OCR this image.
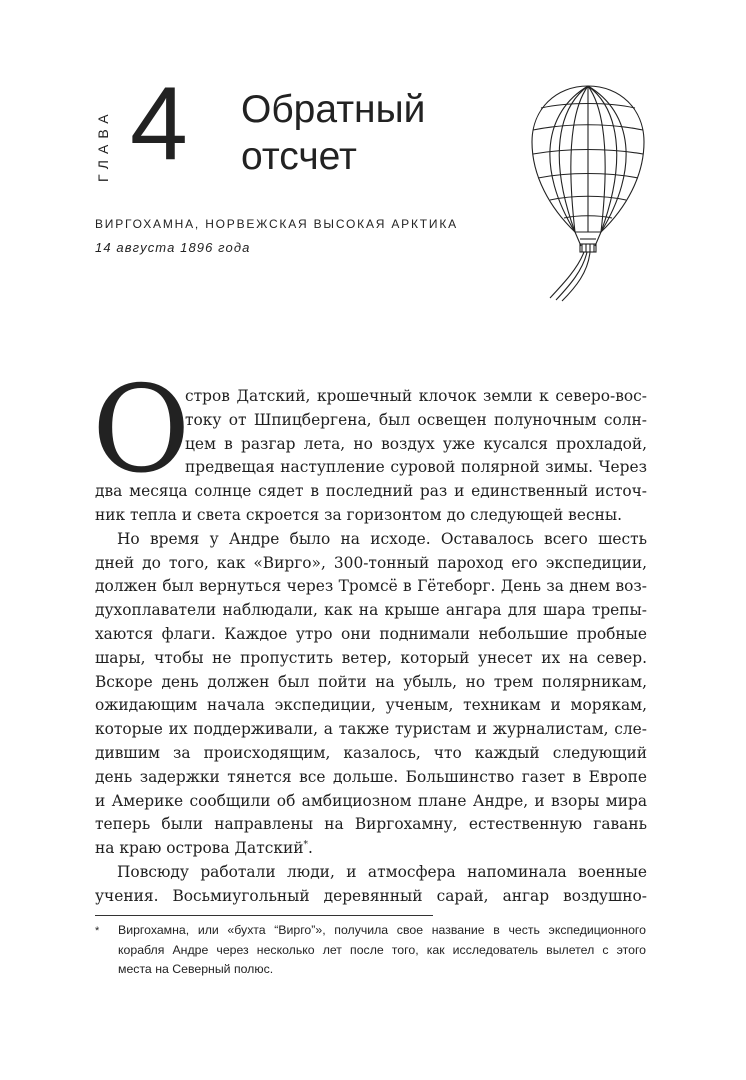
ГЛАВА 4 Обратный
отсчет
ВИРГОХАМНА, НОРВЕЖСКАЯ ВЫСОКАЯ АРКТИКА
14 августа 1896 года
О
стров Датский, крошечный клочок земли к северо-вос-
току от Шпицбергена, был освещен полуночным солн-
цем в разгар лета, но воздух уже кусался прохладой,
предвещая наступление суровой полярной зимы. Через
два месяца солнце сядет в последний раз и единственный источ-
ник тепла и света скроется за горизонтом до следующей весны.
Но время у Андре было на исходе. Оставалось всего шесть
дней до того, как «Вирго», 300-тонный пароход его экспедиции,
должен был вернуться через Тромсё в Гётеборг. День за днем воз-
духоплаватели наблюдали, как на крыше ангара для шара трепы-
хаются флаги. Каждое утро они поднимали небольшие пробные
шары, чтобы не пропустить ветер, который унесет их на север.
Вскоре день должен был пойти на убыль, но трем полярникам,
ожидающим начала экспедиции, ученым, техникам и морякам,
которые их поддерживали, а также туристам и журналистам, сле-
дившим за происходящим, казалось, что каждый следующий
день задержки тянется все дольше. Большинство газет в Европе
и Америке сообщили об амбициозном плане Андре, и взоры мира
теперь были направлены на Виргохамну, естественную гавань
на краю острова Датский*.
Повсюду работали люди, и атмосфера напоминала военные
учения. Восьмиугольный деревянный сарай, ангар воздушно-
* Виргохамна, или «бухта “Вирго”», получила свое название в честь экспедиционного
корабля Андре через несколько лет после того, как исследователь вылетел с этого
места на Северный полюс.
